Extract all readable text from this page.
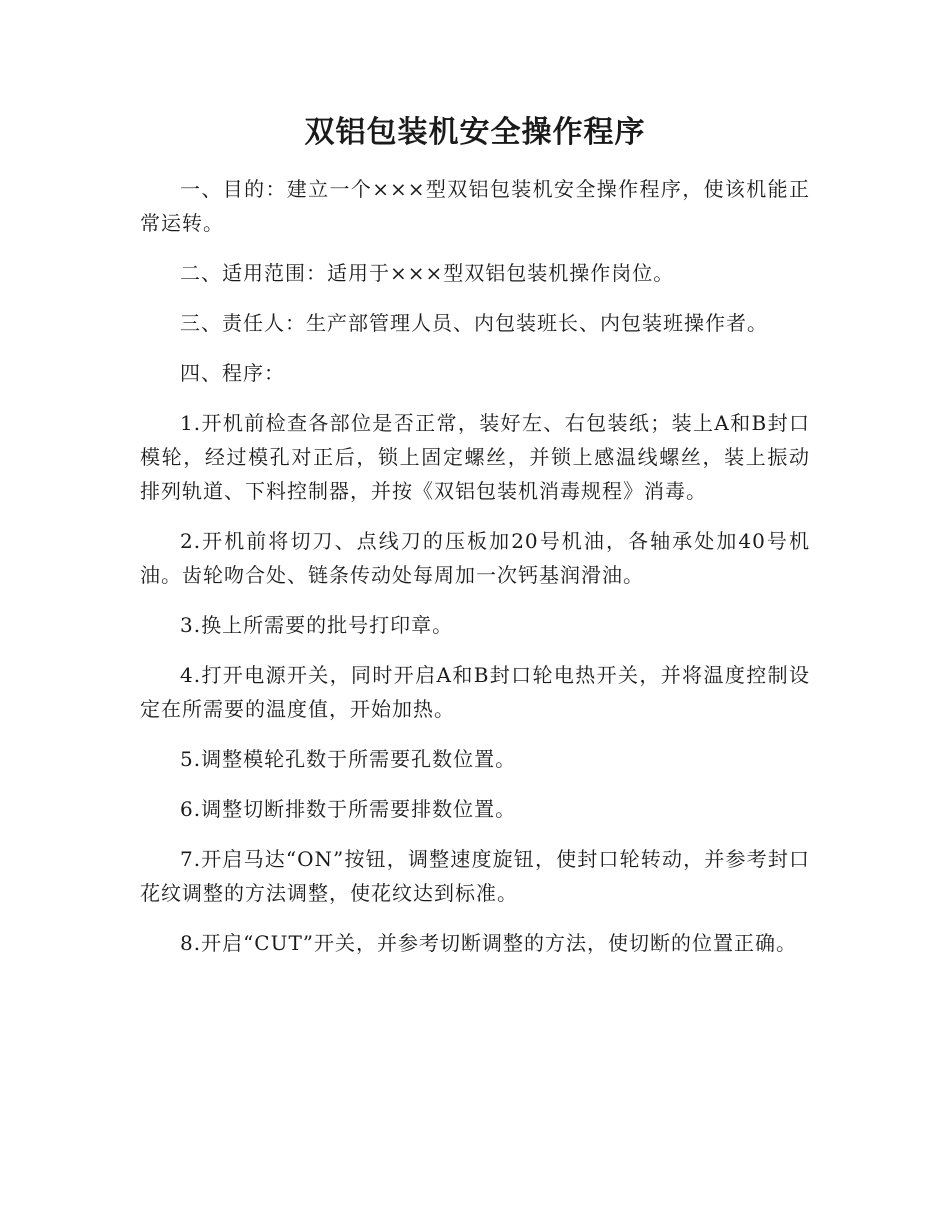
双铝包装机安全操作程序

一、目的：建立一个×××型双铝包装机安全操作程序，使该机能正常运转。

二、适用范围：适用于×××型双铝包装机操作岗位。

三、责任人：生产部管理人员、内包装班长、内包装班操作者。

四、程序：

1.开机前检查各部位是否正常，装好左、右包装纸；装上A和B封口模轮，经过模孔对正后，锁上固定螺丝，并锁上感温线螺丝，装上振动排列轨道、下料控制器，并按《双铝包装机消毒规程》消毒。

2.开机前将切刀、点线刀的压板加20号机油，各轴承处加40号机油。齿轮吻合处、链条传动处每周加一次钙基润滑油。

3.换上所需要的批号打印章。

4.打开电源开关，同时开启A和B封口轮电热开关，并将温度控制设定在所需要的温度值，开始加热。

5.调整模轮孔数于所需要孔数位置。

6.调整切断排数于所需要排数位置。

7.开启马达“ON”按钮，调整速度旋钮，使封口轮转动，并参考封口花纹调整的方法调整，使花纹达到标准。

8.开启“CUT”开关，并参考切断调整的方法，使切断的位置正确。
